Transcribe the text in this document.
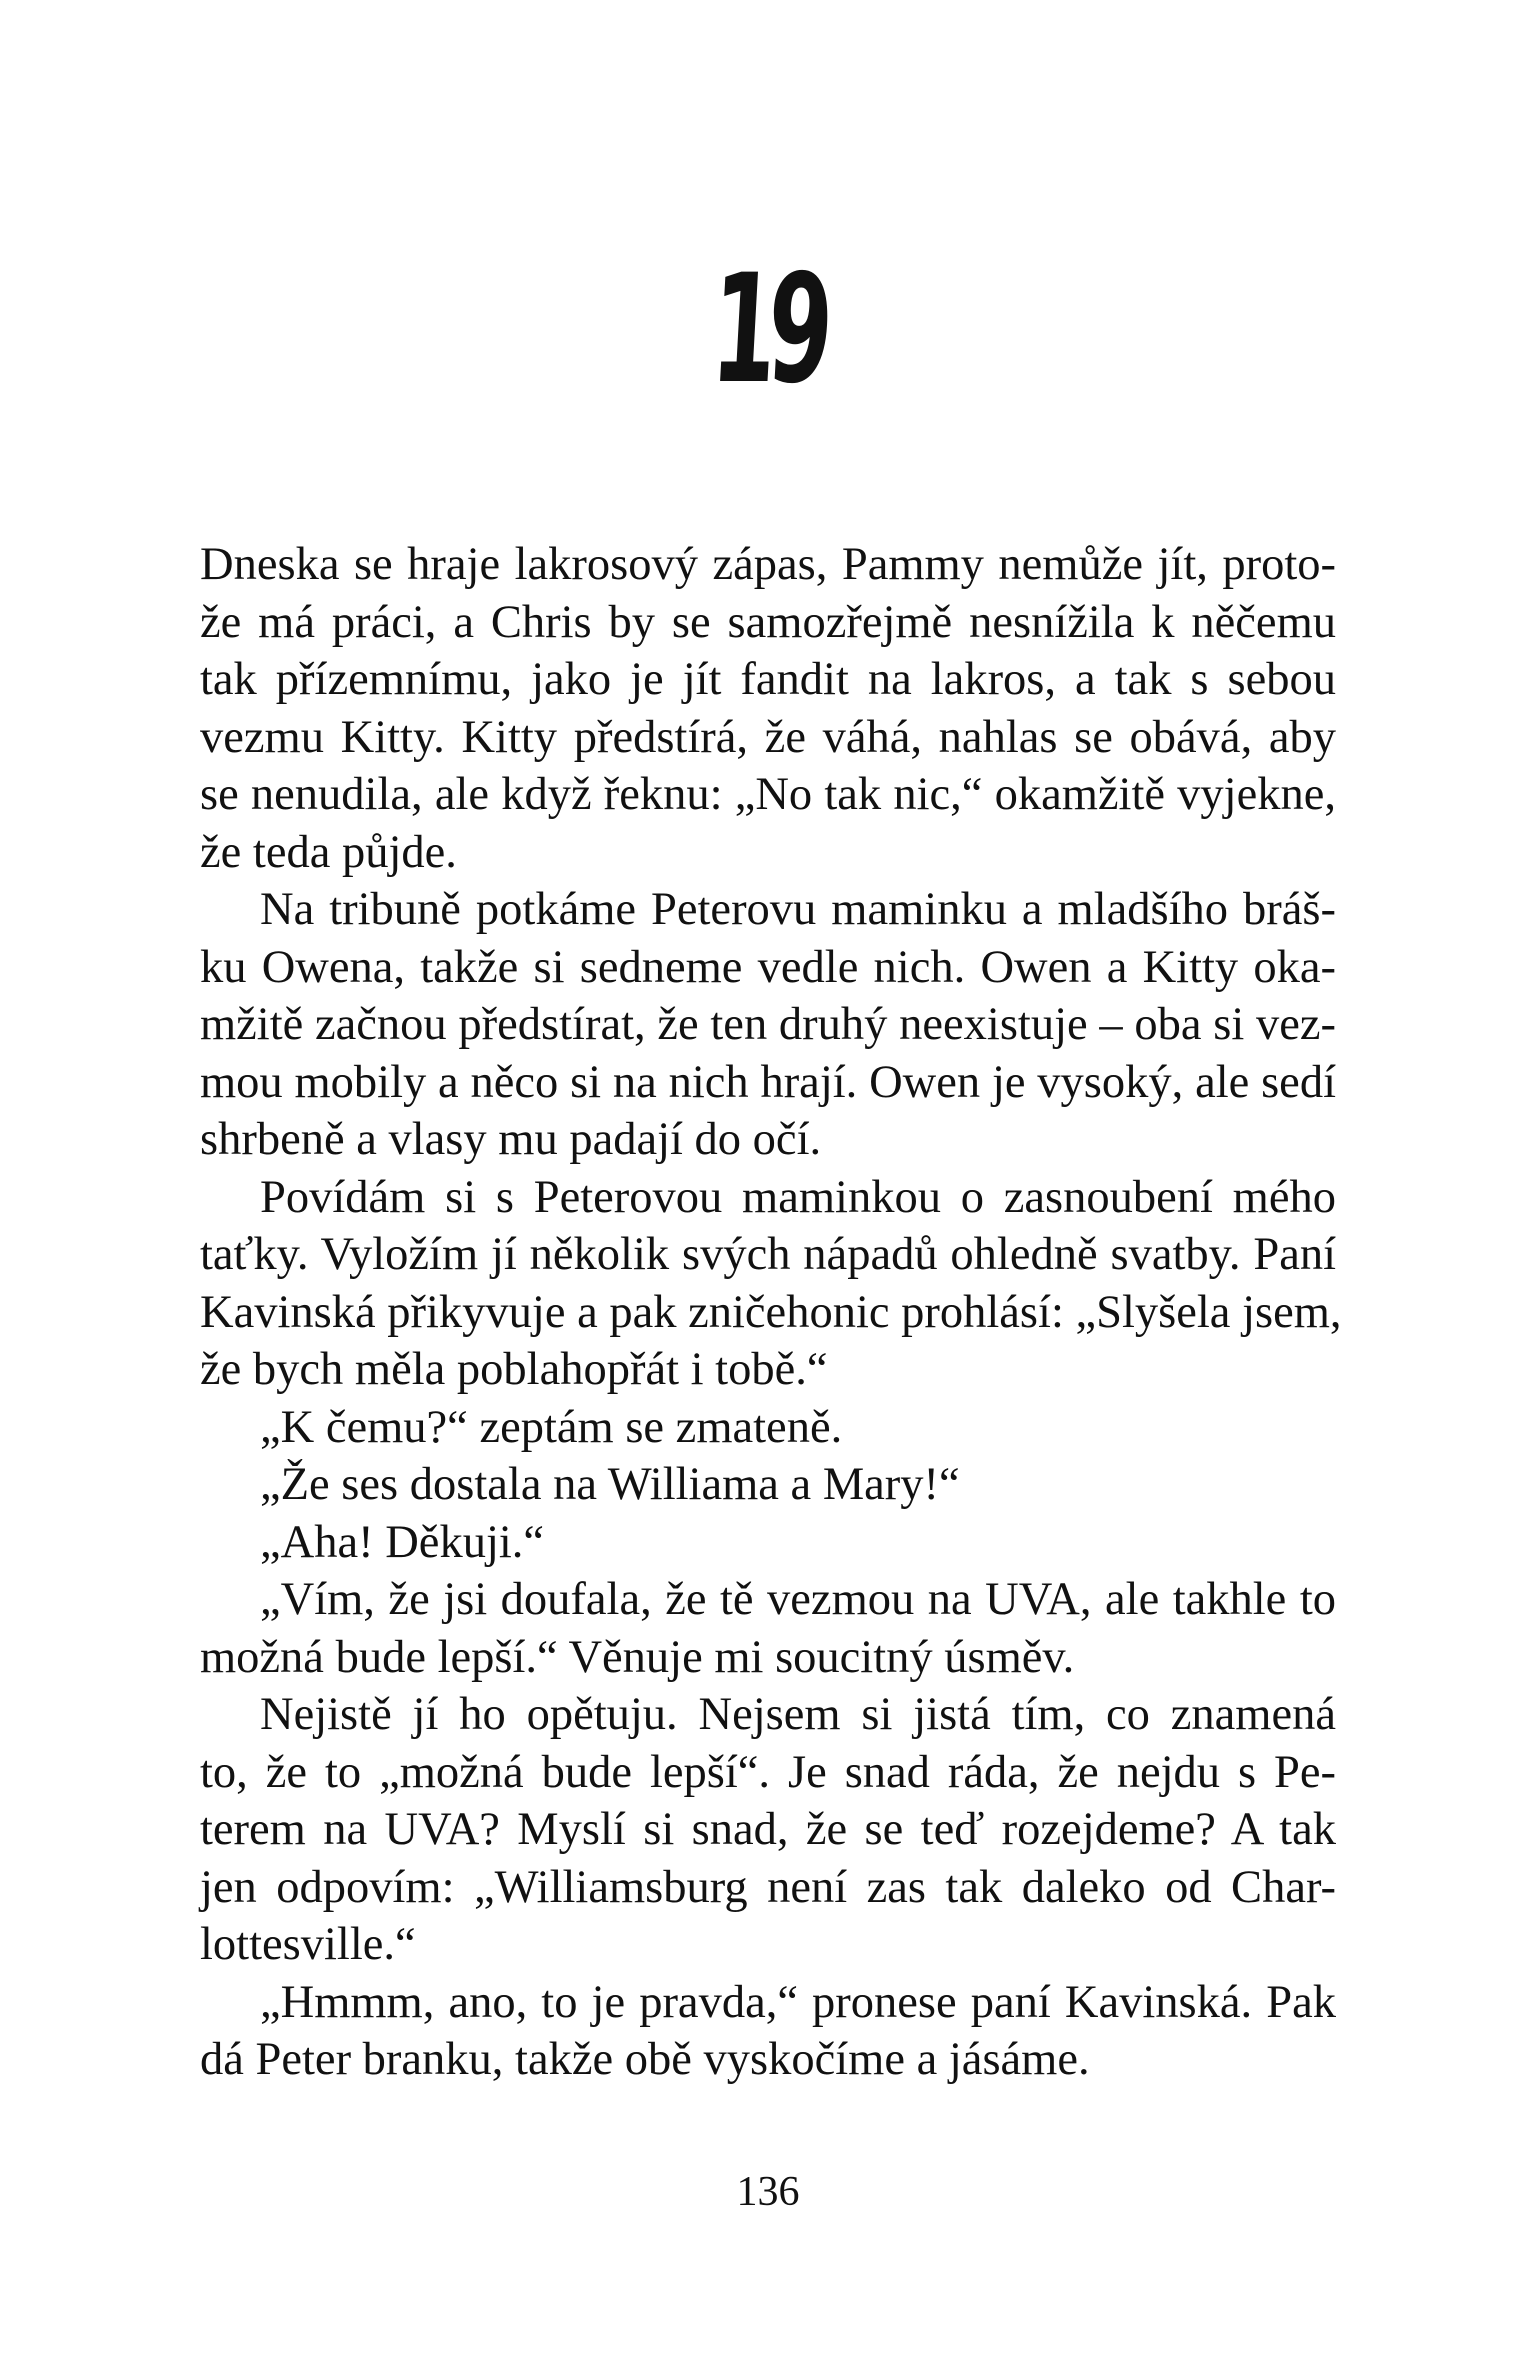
19
Dneska se hraje lakrosový zápas, Pammy nemůže jít, proto-
že má práci, a Chris by se samozřejmě nesnížila k něčemu
tak přízemnímu, jako je jít fandit na lakros, a tak s sebou
vezmu Kitty. Kitty předstírá, že váhá, nahlas se obává, aby
se nenudila, ale když řeknu: „No tak nic,“ okamžitě vyjekne,
že teda půjde.
Na tribuně potkáme Peterovu maminku a mladšího bráš-
ku Owena, takže si sedneme vedle nich. Owen a Kitty oka-
mžitě začnou předstírat, že ten druhý neexistuje – oba si vez-
mou mobily a něco si na nich hrají. Owen je vysoký, ale sedí
shrbeně a vlasy mu padají do očí.
Povídám si s Peterovou maminkou o zasnoubení mého
taťky. Vyložím jí několik svých nápadů ohledně svatby. Paní
Kavinská přikyvuje a pak zničehonic prohlásí: „Slyšela jsem,
že bych měla poblahopřát i tobě.“
„K čemu?“ zeptám se zmateně.
„Že ses dostala na Williama a Mary!“
„Aha! Děkuji.“
„Vím, že jsi doufala, že tě vezmou na UVA, ale takhle to
možná bude lepší.“ Věnuje mi soucitný úsměv.
Nejistě jí ho opětuju. Nejsem si jistá tím, co znamená
to, že to „možná bude lepší“. Je snad ráda, že nejdu s Pe-
terem na UVA? Myslí si snad, že se teď rozejdeme? A tak
jen odpovím: „Williamsburg není zas tak daleko od Char-
lottesville.“
„Hmmm, ano, to je pravda,“ pronese paní Kavinská. Pak
dá Peter branku, takže obě vyskočíme a jásáme.
136
